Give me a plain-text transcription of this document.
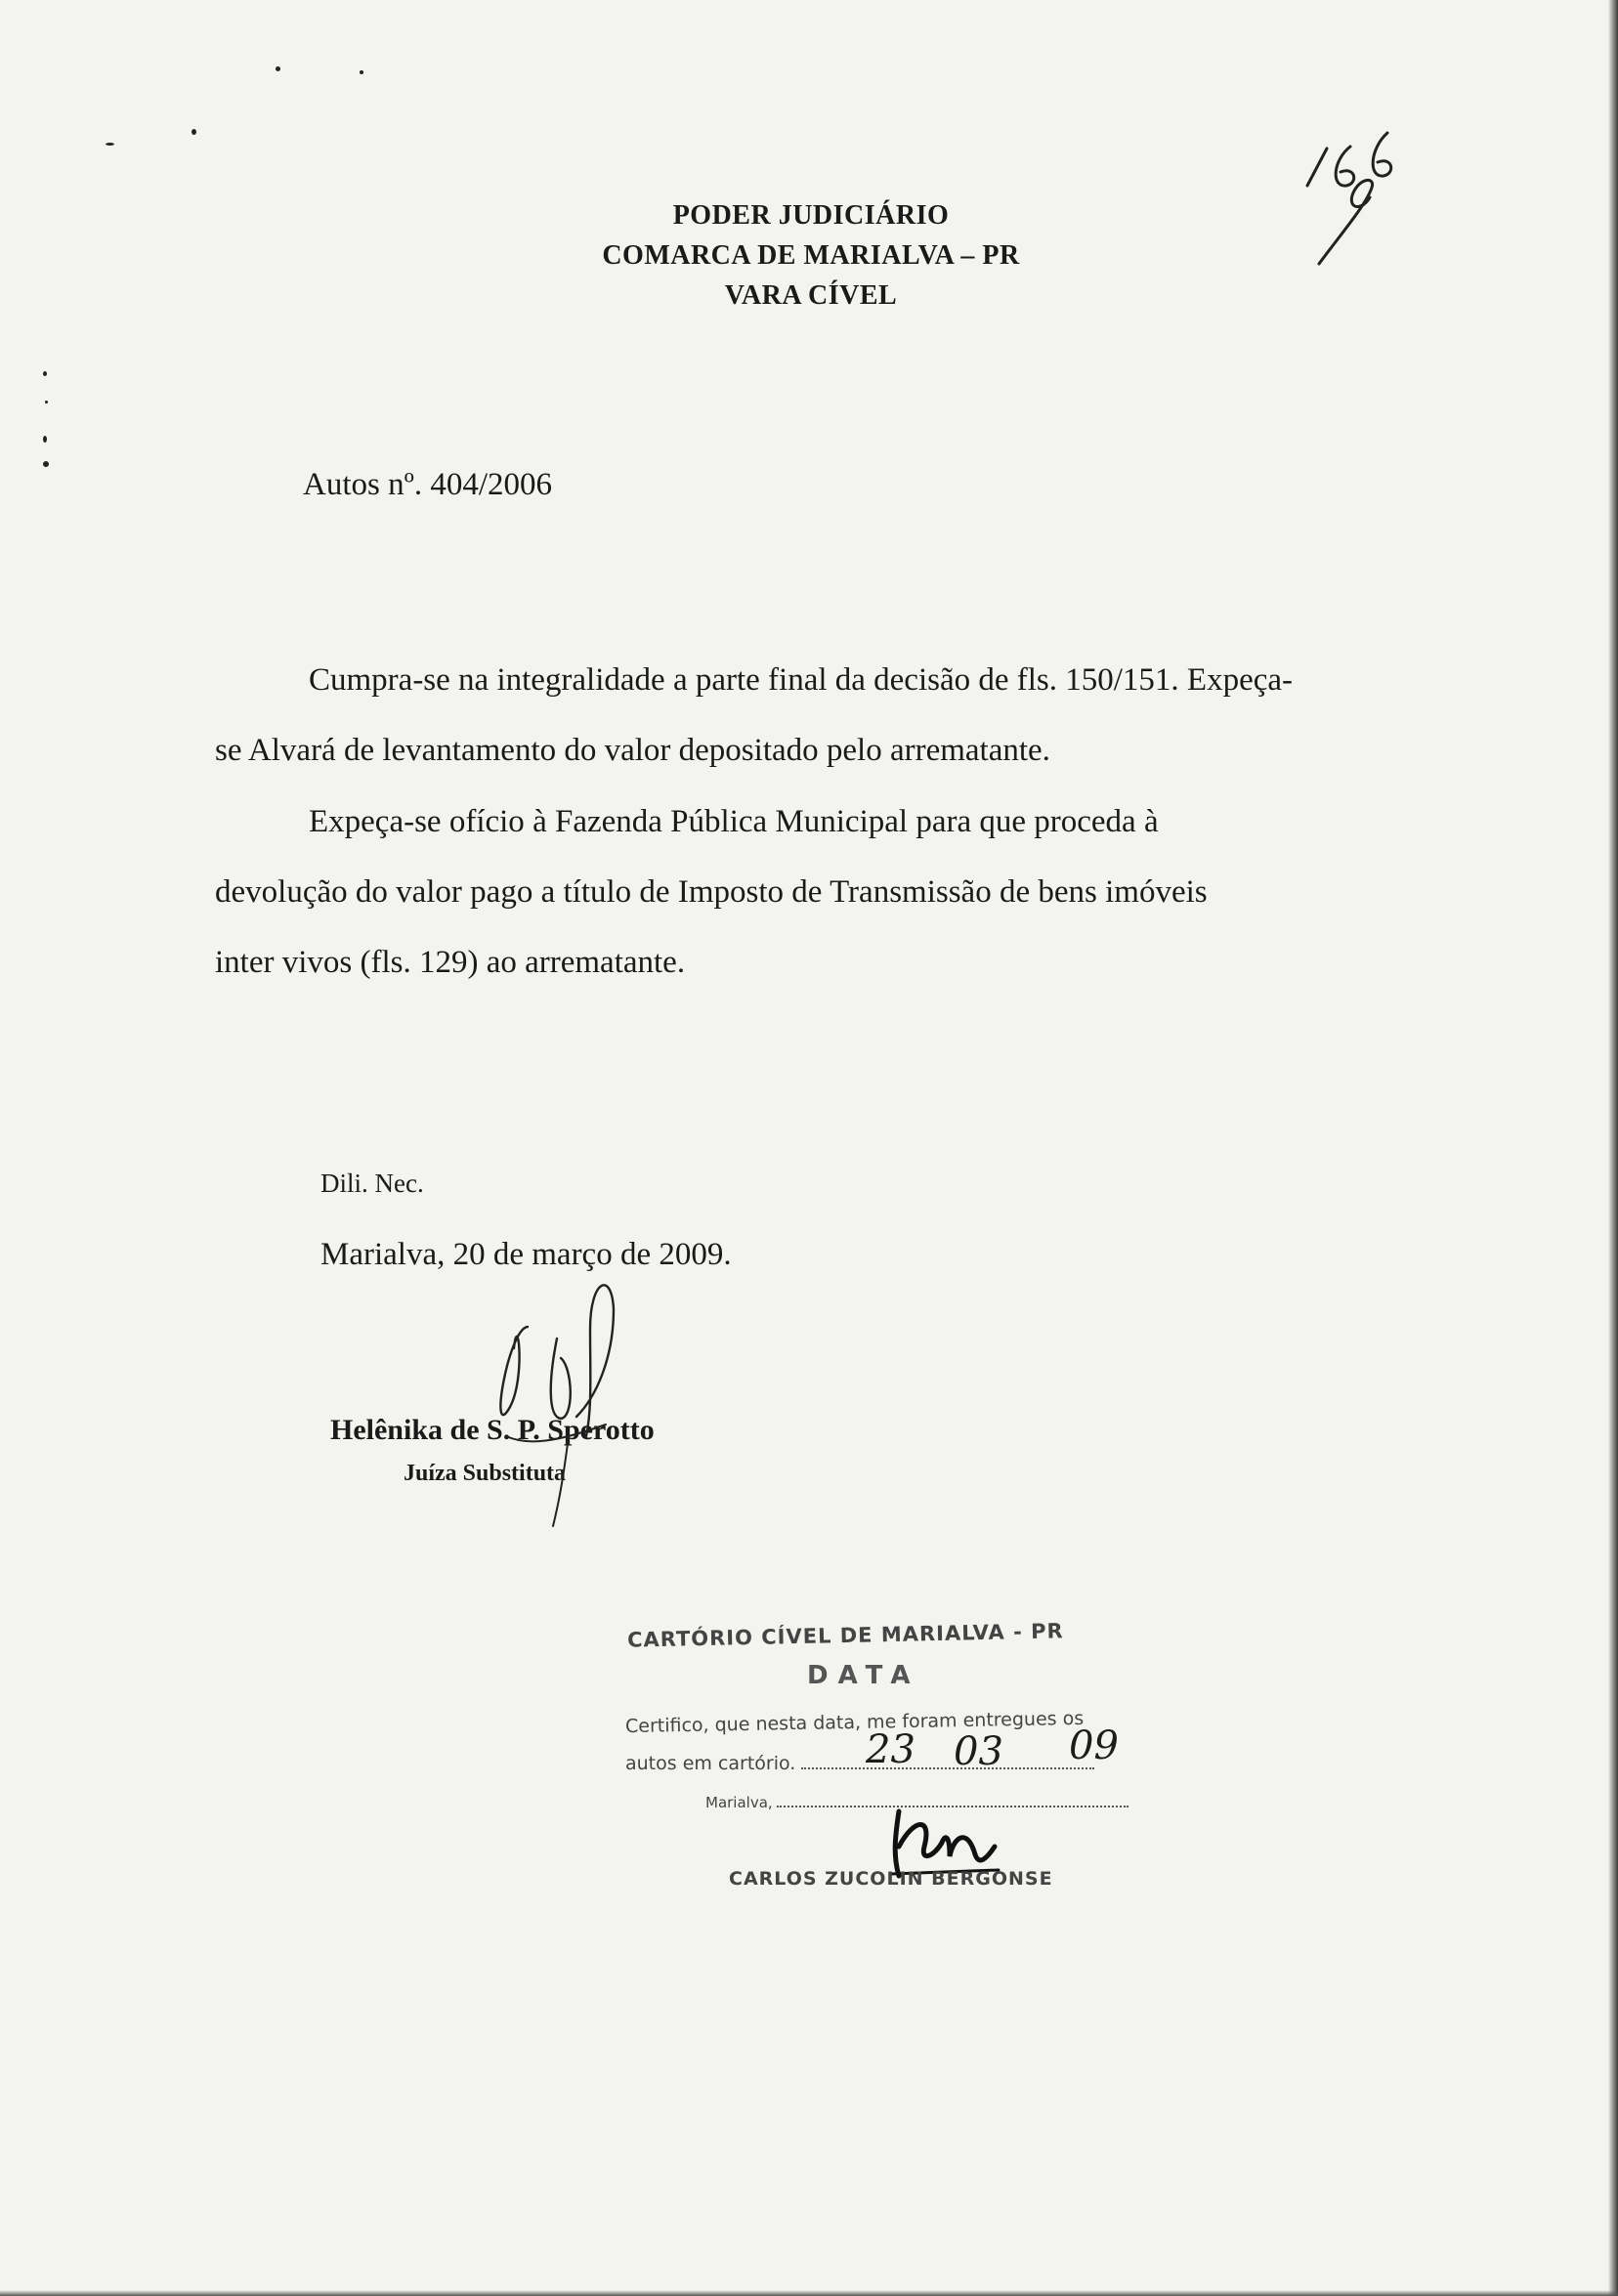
PODER JUDICIÁRIO
COMARCA DE MARIALVA – PR
VARA CÍVEL
Autos nº. 404/2006
Cumpra-se na integralidade a parte final da decisão de fls. 150/151. Expeça-
se Alvará de levantamento do valor depositado pelo arrematante.
Expeça-se ofício à Fazenda Pública Municipal para que proceda à
devolução do valor pago a título de Imposto de Transmissão de bens imóveis
inter vivos (fls. 129) ao arrematante.
Dili. Nec.
Marialva, 20 de março de 2009.
Helênika de S. P. Sperotto
Juíza Substituta
CARTÓRIO CÍVEL DE MARIALVA - PR
DATA
Certifico, que nesta data, me foram entregues os
autos em cartório.
Marialva,
23 03 09
CARLOS ZUCOLIN BERGONSE
